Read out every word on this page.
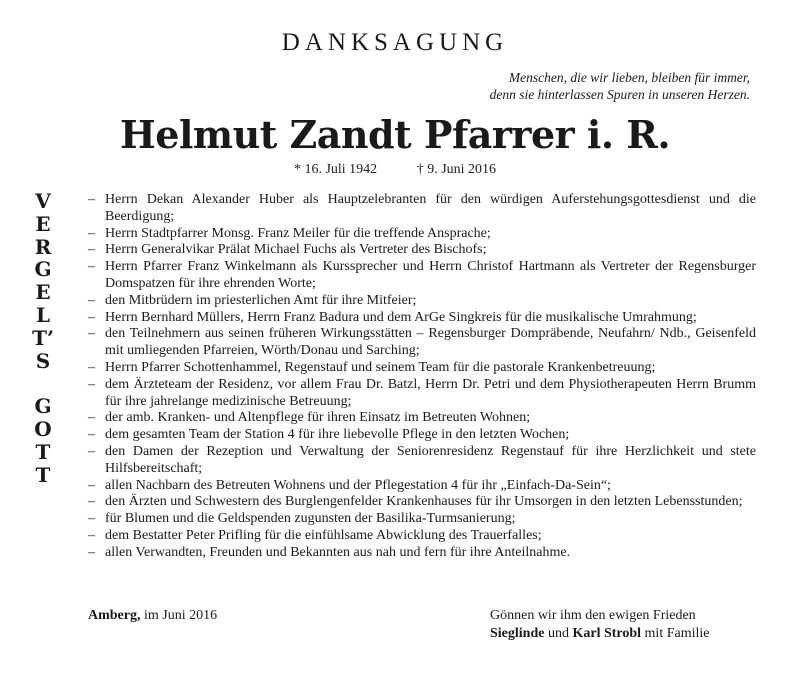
DANKSAGUNG
Menschen, die wir lieben, bleiben für immer,
denn sie hinterlassen Spuren in unseren Herzen.
Helmut Zandt Pfarrer i. R.
* 16. Juli 1942	† 9. Juni 2016
V
E
R
G
E
L
T’
S
G
O
T
T
– Herrn Dekan Alexander Huber als Hauptzelebranten für den würdigen Auferstehungsgottesdienst und die Beerdigung;
– Herrn Stadtpfarrer Monsg. Franz Meiler für die treffende Ansprache;
– Herrn Generalvikar Prälat Michael Fuchs als Vertreter des Bischofs;
– Herrn Pfarrer Franz Winkelmann als Kurssprecher und Herrn Christof Hartmann als Vertreter der Regensburger Domspatzen für ihre ehrenden Worte;
– den Mitbrüdern im priesterlichen Amt für ihre Mitfeier;
– Herrn Bernhard Müllers, Herrn Franz Badura und dem ArGe Singkreis für die musikalische Umrahmung;
– den Teilnehmern aus seinen früheren Wirkungsstätten – Regensburger Dompräbende, Neufahrn/ Ndb., Geisenfeld mit umliegenden Pfarreien, Wörth/Donau und Sarching;
– Herrn Pfarrer Schottenhammel, Regenstauf und seinem Team für die pastorale Krankenbetreuung;
– dem Ärzteteam der Residenz, vor allem Frau Dr. Batzl, Herrn Dr. Petri und dem Physiotherapeuten Herrn Brumm für ihre jahrelange medizinische Betreuung;
– der amb. Kranken- und Altenpflege für ihren Einsatz im Betreuten Wohnen;
– dem gesamten Team der Station 4 für ihre liebevolle Pflege in den letzten Wochen;
– den Damen der Rezeption und Verwaltung der Seniorenresidenz Regenstauf für ihre Herzlichkeit und stete Hilfsbereitschaft;
– allen Nachbarn des Betreuten Wohnens und der Pflegestation 4 für ihr „Einfach-Da-Sein“;
– den Ärzten und Schwestern des Burglengenfelder Krankenhauses für ihr Umsorgen in den letzten Lebensstunden;
– für Blumen und die Geldspenden zugunsten der Basilika-Turmsanierung;
– dem Bestatter Peter Prifling für die einfühlsame Abwicklung des Trauerfalles;
– allen Verwandten, Freunden und Bekannten aus nah und fern für ihre Anteilnahme.
Amberg, im Juni 2016	Gönnen wir ihm den ewigen Frieden
Sieglinde und Karl Strobl mit Familie
